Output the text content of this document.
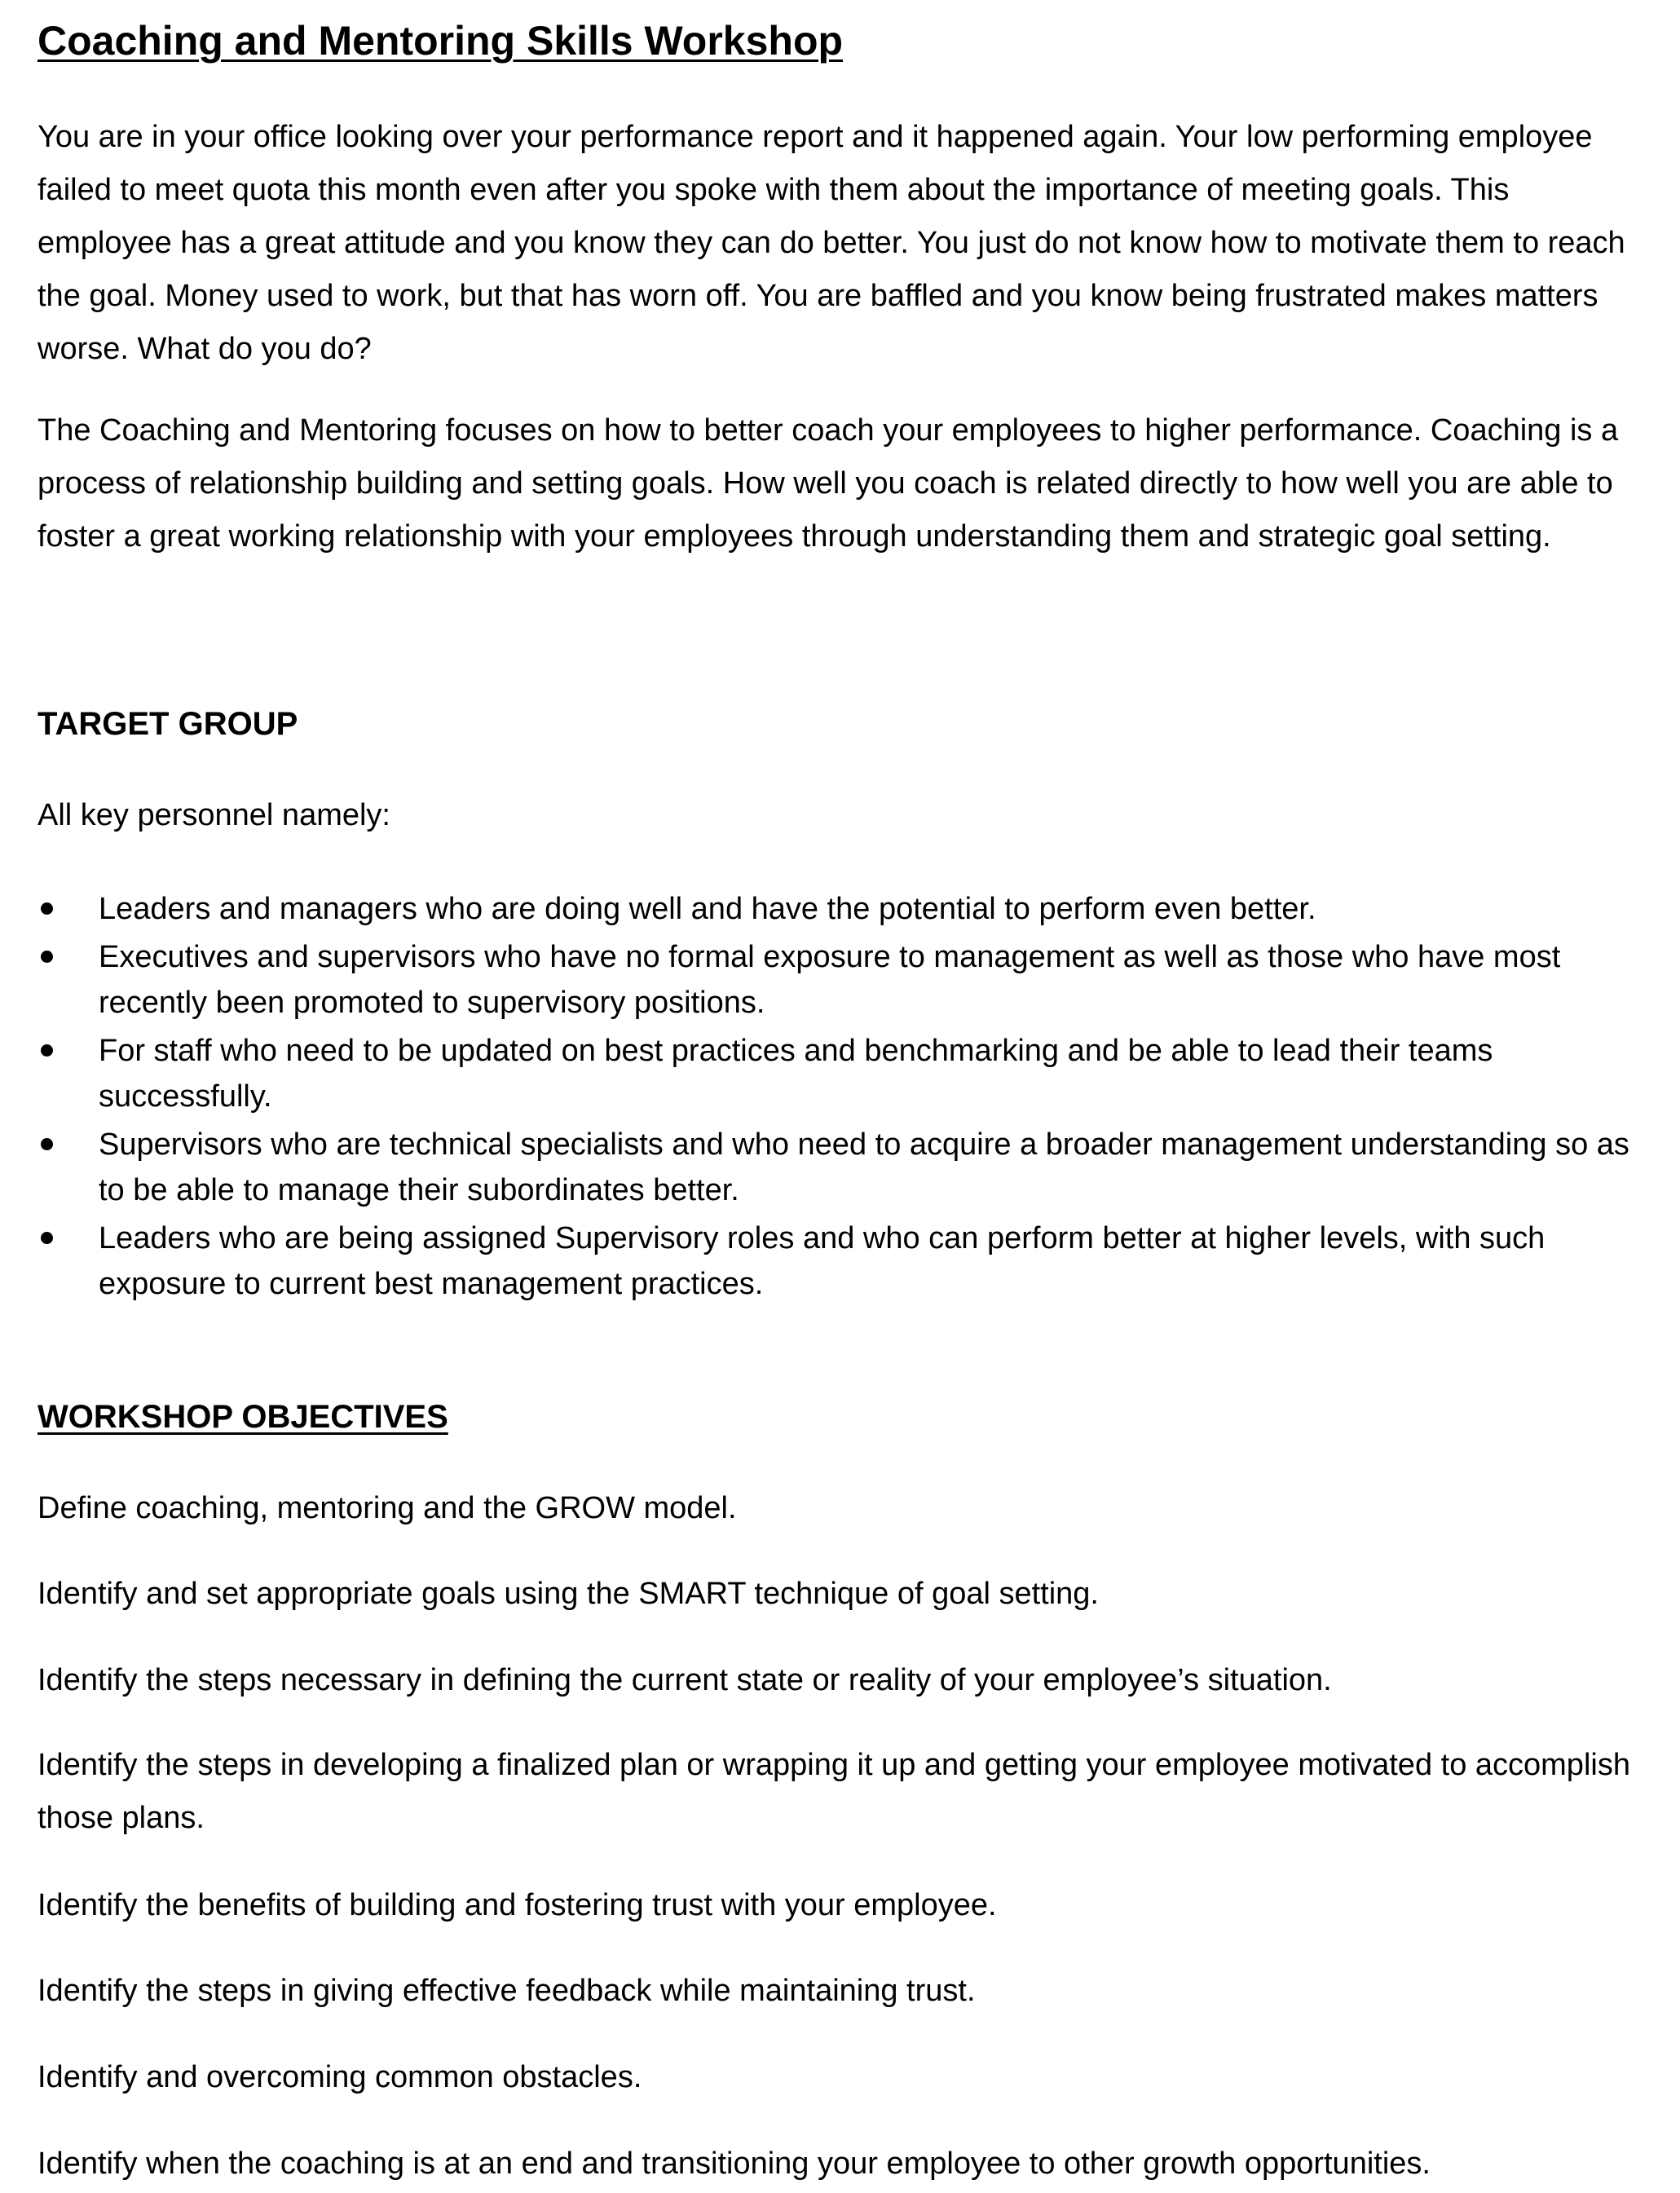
Coaching and Mentoring Skills Workshop

You are in your office looking over your performance report and it happened again. Your low performing employee failed to meet quota this month even after you spoke with them about the importance of meeting goals. This employee has a great attitude and you know they can do better. You just do not know how to motivate them to reach the goal. Money used to work, but that has worn off. You are baffled and you know being frustrated makes matters worse. What do you do?

The Coaching and Mentoring focuses on how to better coach your employees to higher performance. Coaching is a process of relationship building and setting goals. How well you coach is related directly to how well you are able to foster a great working relationship with your employees through understanding them and strategic goal setting.

TARGET GROUP

All key personnel namely:

Leaders and managers who are doing well and have the potential to perform even better.
Executives and supervisors who have no formal exposure to management as well as those who have most recently been promoted to supervisory positions.
For staff who need to be updated on best practices and benchmarking and be able to lead their teams successfully.
Supervisors who are technical specialists and who need to acquire a broader management understanding so as to be able to manage their subordinates better.
Leaders who are being assigned Supervisory roles and who can perform better at higher levels, with such exposure to current best management practices.
WORKSHOP OBJECTIVES

Define coaching, mentoring and the GROW model.

Identify and set appropriate goals using the SMART technique of goal setting.

Identify the steps necessary in defining the current state or reality of your employee’s situation.

Identify the steps in developing a finalized plan or wrapping it up and getting your employee motivated to accomplish those plans.

Identify the benefits of building and fostering trust with your employee.

Identify the steps in giving effective feedback while maintaining trust.

Identify and overcoming common obstacles.

Identify when the coaching is at an end and transitioning your employee to other growth opportunities.
